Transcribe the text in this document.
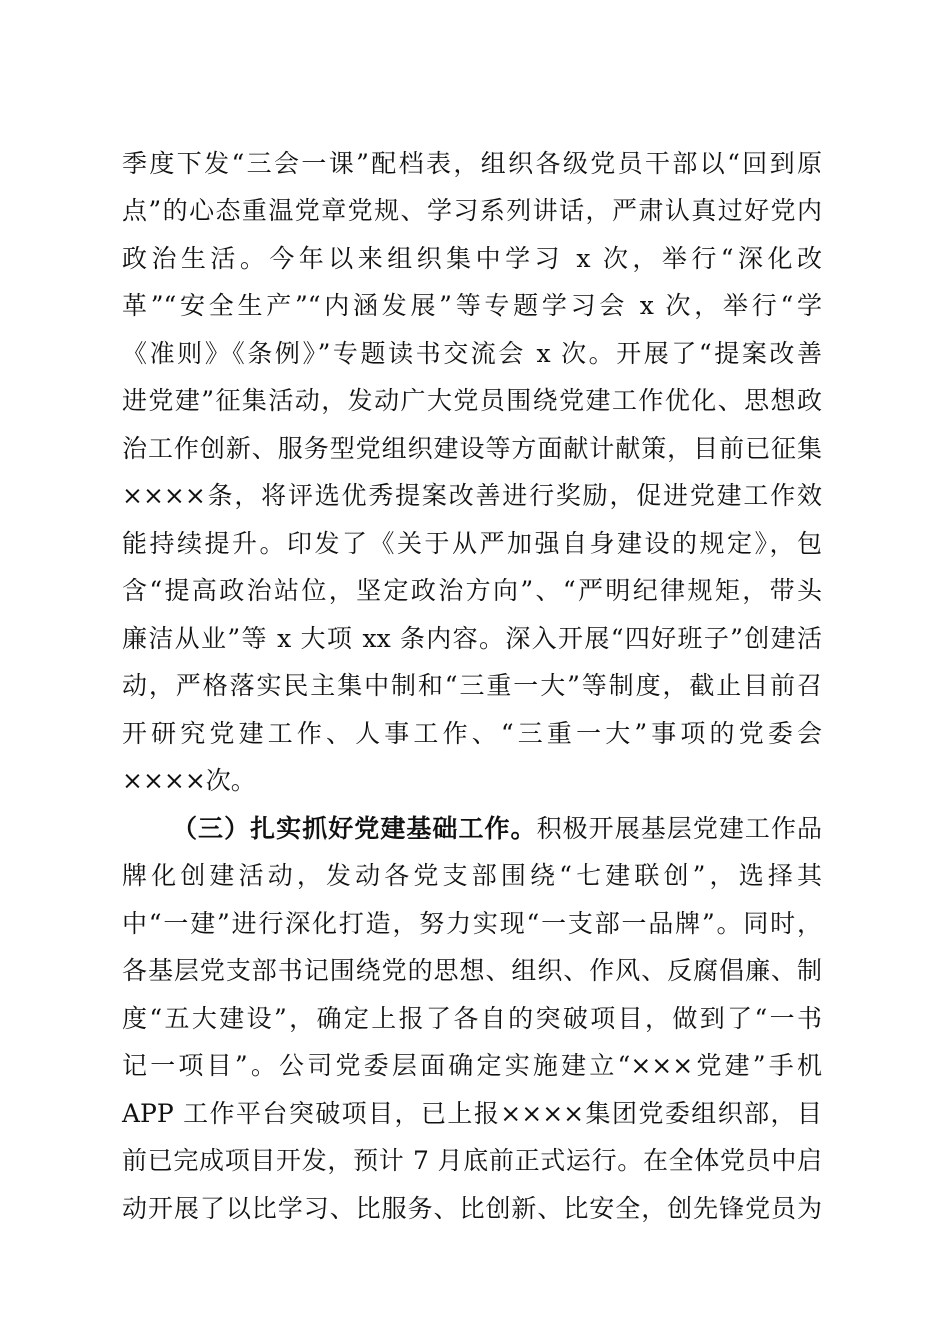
季度下发“三会一课”配档表，组织各级党员干部以“回到原
点”的心态重温党章党规、学习系列讲话，严肃认真过好党内
政治生活。今年以来组织集中学习 x 次，举行“深化改
革”“安全生产”“内涵发展”等专题学习会 x 次，举行“学
《准则》《条例》”专题读书交流会 x 次。开展了“提案改善
进党建”征集活动，发动广大党员围绕党建工作优化、思想政
治工作创新、服务型党组织建设等方面献计献策，目前已征集
××××条，将评选优秀提案改善进行奖励，促进党建工作效
能持续提升。印发了《关于从严加强自身建设的规定》，包
含“提高政治站位，坚定政治方向”、“严明纪律规矩，带头
廉洁从业”等 x 大项 xx 条内容。深入开展“四好班子”创建活
动，严格落实民主集中制和“三重一大”等制度，截止目前召
开研究党建工作、人事工作、“三重一大”事项的党委会
××××次。
（三）扎实抓好党建基础工作。积极开展基层党建工作品
牌化创建活动，发动各党支部围绕“七建联创”，选择其
中“一建”进行深化打造，努力实现“一支部一品牌”。同时，
各基层党支部书记围绕党的思想、组织、作风、反腐倡廉、制
度“五大建设”，确定上报了各自的突破项目，做到了“一书
记一项目”。公司党委层面确定实施建立“×××党建”手机
APP 工作平台突破项目，已上报××××集团党委组织部，目
前已完成项目开发，预计 7 月底前正式运行。在全体党员中启
动开展了以比学习、比服务、比创新、比安全，创先锋党员为
